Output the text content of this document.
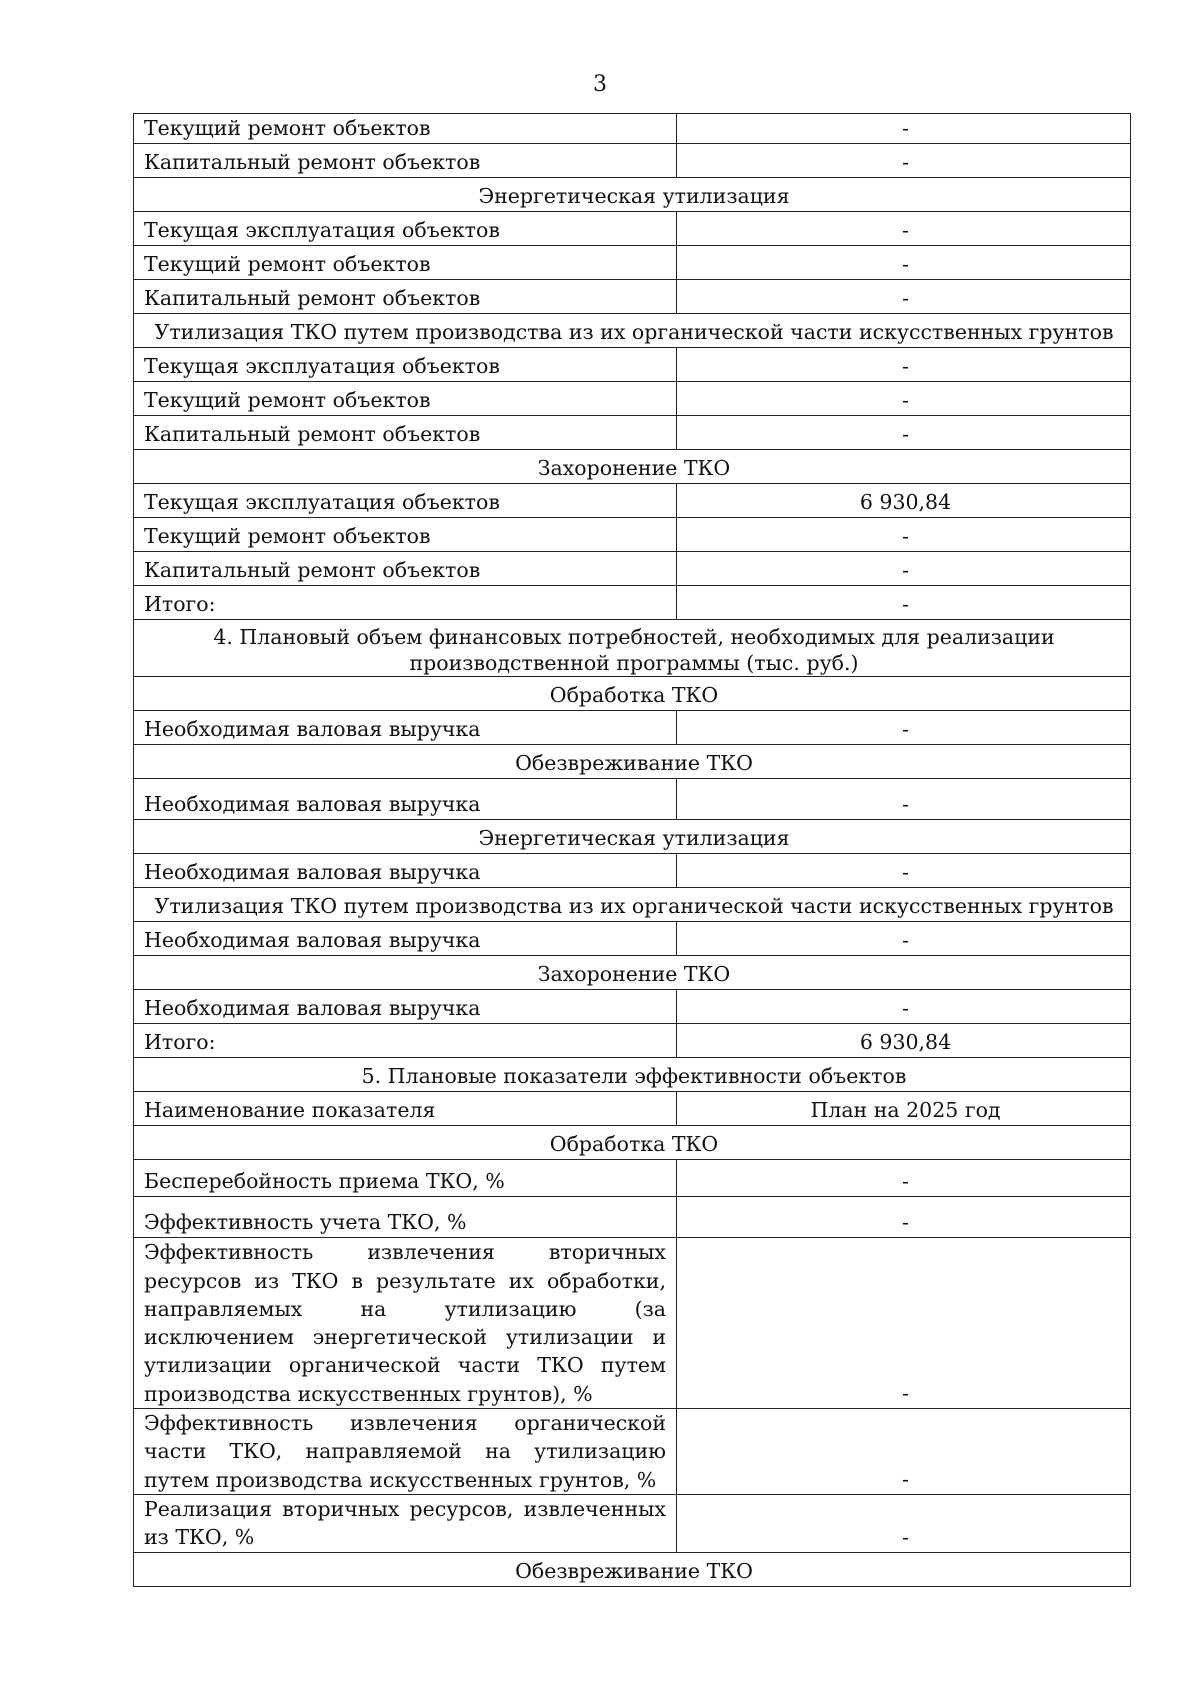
3
Текущий ремонт объектов	-
Капитальный ремонт объектов	-
Энергетическая утилизация	
Текущая эксплуатация объектов	-
Текущий ремонт объектов	-
Капитальный ремонт объектов	-
Утилизация ТКО путем производства из их органической части искусственных грунтов	
Текущая эксплуатация объектов	-
Текущий ремонт объектов	-
Капитальный ремонт объектов	-
Захоронение ТКО	
Текущая эксплуатация объектов	6 930,84
Текущий ремонт объектов	-
Капитальный ремонт объектов	-
Итого:	-
4. Плановый объем финансовых потребностей, необходимых для реализации производственной программы (тыс. руб.)	
Обработка ТКО	
Необходимая валовая выручка	-
Обезвреживание ТКО	
Необходимая валовая выручка	-
Энергетическая утилизация	
Необходимая валовая выручка	-
Утилизация ТКО путем производства из их органической части искусственных грунтов	
Необходимая валовая выручка	-
Захоронение ТКО	
Необходимая валовая выручка	-
Итого:	6 930,84
5. Плановые показатели эффективности объектов	
Наименование показателя	План на 2025 год
Обработка ТКО	
Бесперебойность приема ТКО, %	-
Эффективность учета ТКО, %	-
Эффективность извлечения вторичных ресурсов из ТКО в результате их обработки, направляемых на утилизацию (за исключением энергетической утилизации и утилизации органической части ТКО путем производства искусственных грунтов), %	-
Эффективность извлечения органической части ТКО, направляемой на утилизацию путем производства искусственных грунтов, %	-
Реализация вторичных ресурсов, извлеченных из ТКО, %	-
Обезвреживание ТКО	
